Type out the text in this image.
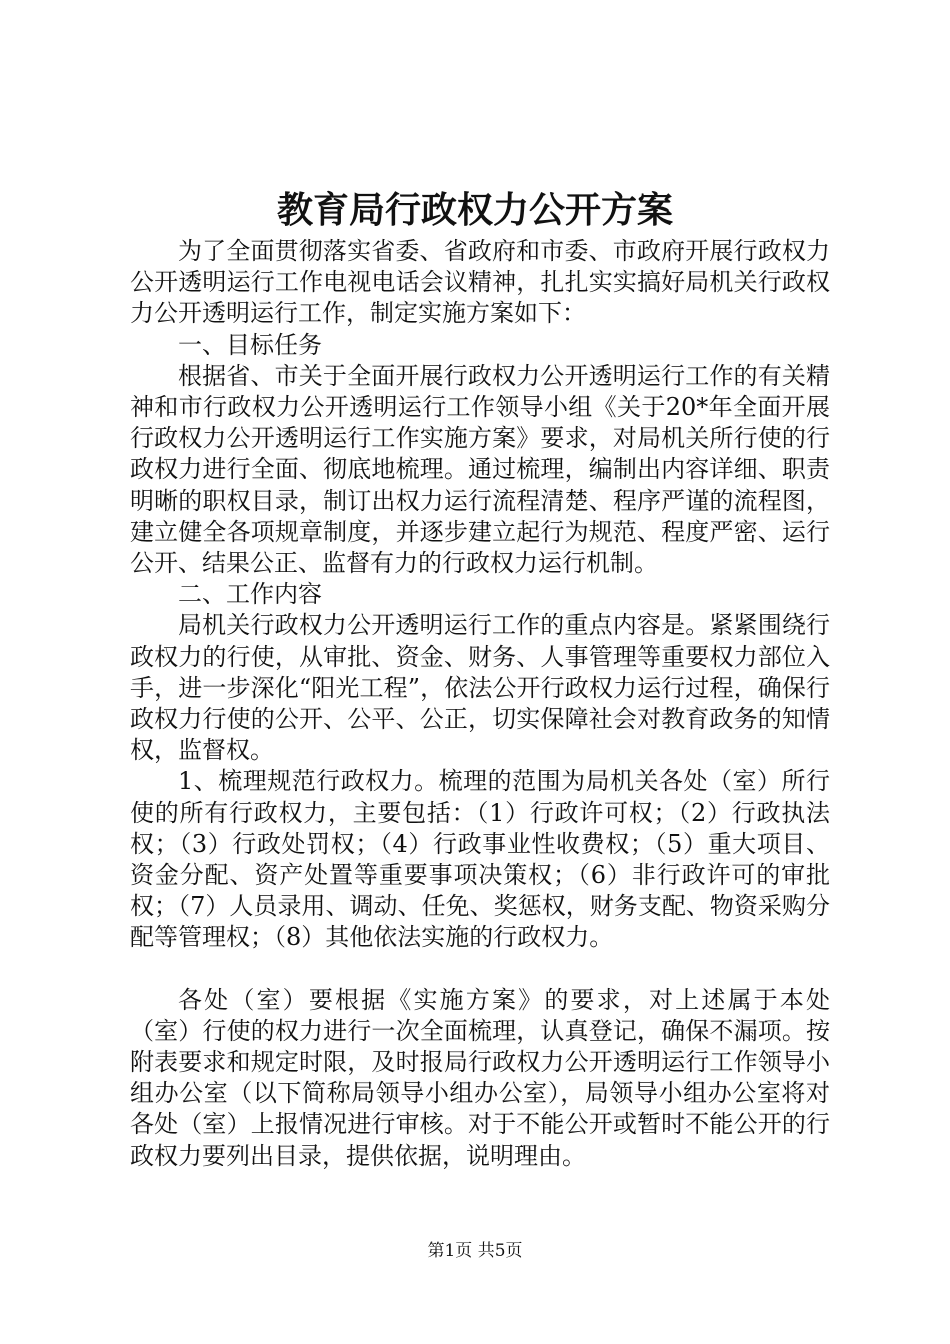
教育局行政权力公开方案

为了全面贯彻落实省委、省政府和市委、市政府开展行政权力公开透明运行工作电视电话会议精神，扎扎实实搞好局机关行政权力公开透明运行工作，制定实施方案如下：

一、目标任务

根据省、市关于全面开展行政权力公开透明运行工作的有关精神和市行政权力公开透明运行工作领导小组《关于20*年全面开展行政权力公开透明运行工作实施方案》要求，对局机关所行使的行政权力进行全面、彻底地梳理。通过梳理，编制出内容详细、职责明晰的职权目录，制订出权力运行流程清楚、程序严谨的流程图，建立健全各项规章制度，并逐步建立起行为规范、程度严密、运行公开、结果公正、监督有力的行政权力运行机制。

二、工作内容

局机关行政权力公开透明运行工作的重点内容是。紧紧围绕行政权力的行使，从审批、资金、财务、人事管理等重要权力部位入手，进一步深化“阳光工程”，依法公开行政权力运行过程，确保行政权力行使的公开、公平、公正，切实保障社会对教育政务的知情权，监督权。

1、梳理规范行政权力。梳理的范围为局机关各处（室）所行使的所有行政权力，主要包括：（1）行政许可权；（2）行政执法权；（3）行政处罚权；（4）行政事业性收费权；（5）重大项目、资金分配、资产处置等重要事项决策权；（6）非行政许可的审批权；（7）人员录用、调动、任免、奖惩权，财务支配、物资采购分配等管理权；（8）其他依法实施的行政权力。

各处（室）要根据《实施方案》的要求，对上述属于本处（室）行使的权力进行一次全面梳理，认真登记，确保不漏项。按附表要求和规定时限，及时报局行政权力公开透明运行工作领导小组办公室（以下简称局领导小组办公室），局领导小组办公室将对各处（室）上报情况进行审核。对于不能公开或暂时不能公开的行政权力要列出目录，提供依据，说明理由。

第1页 共5页
